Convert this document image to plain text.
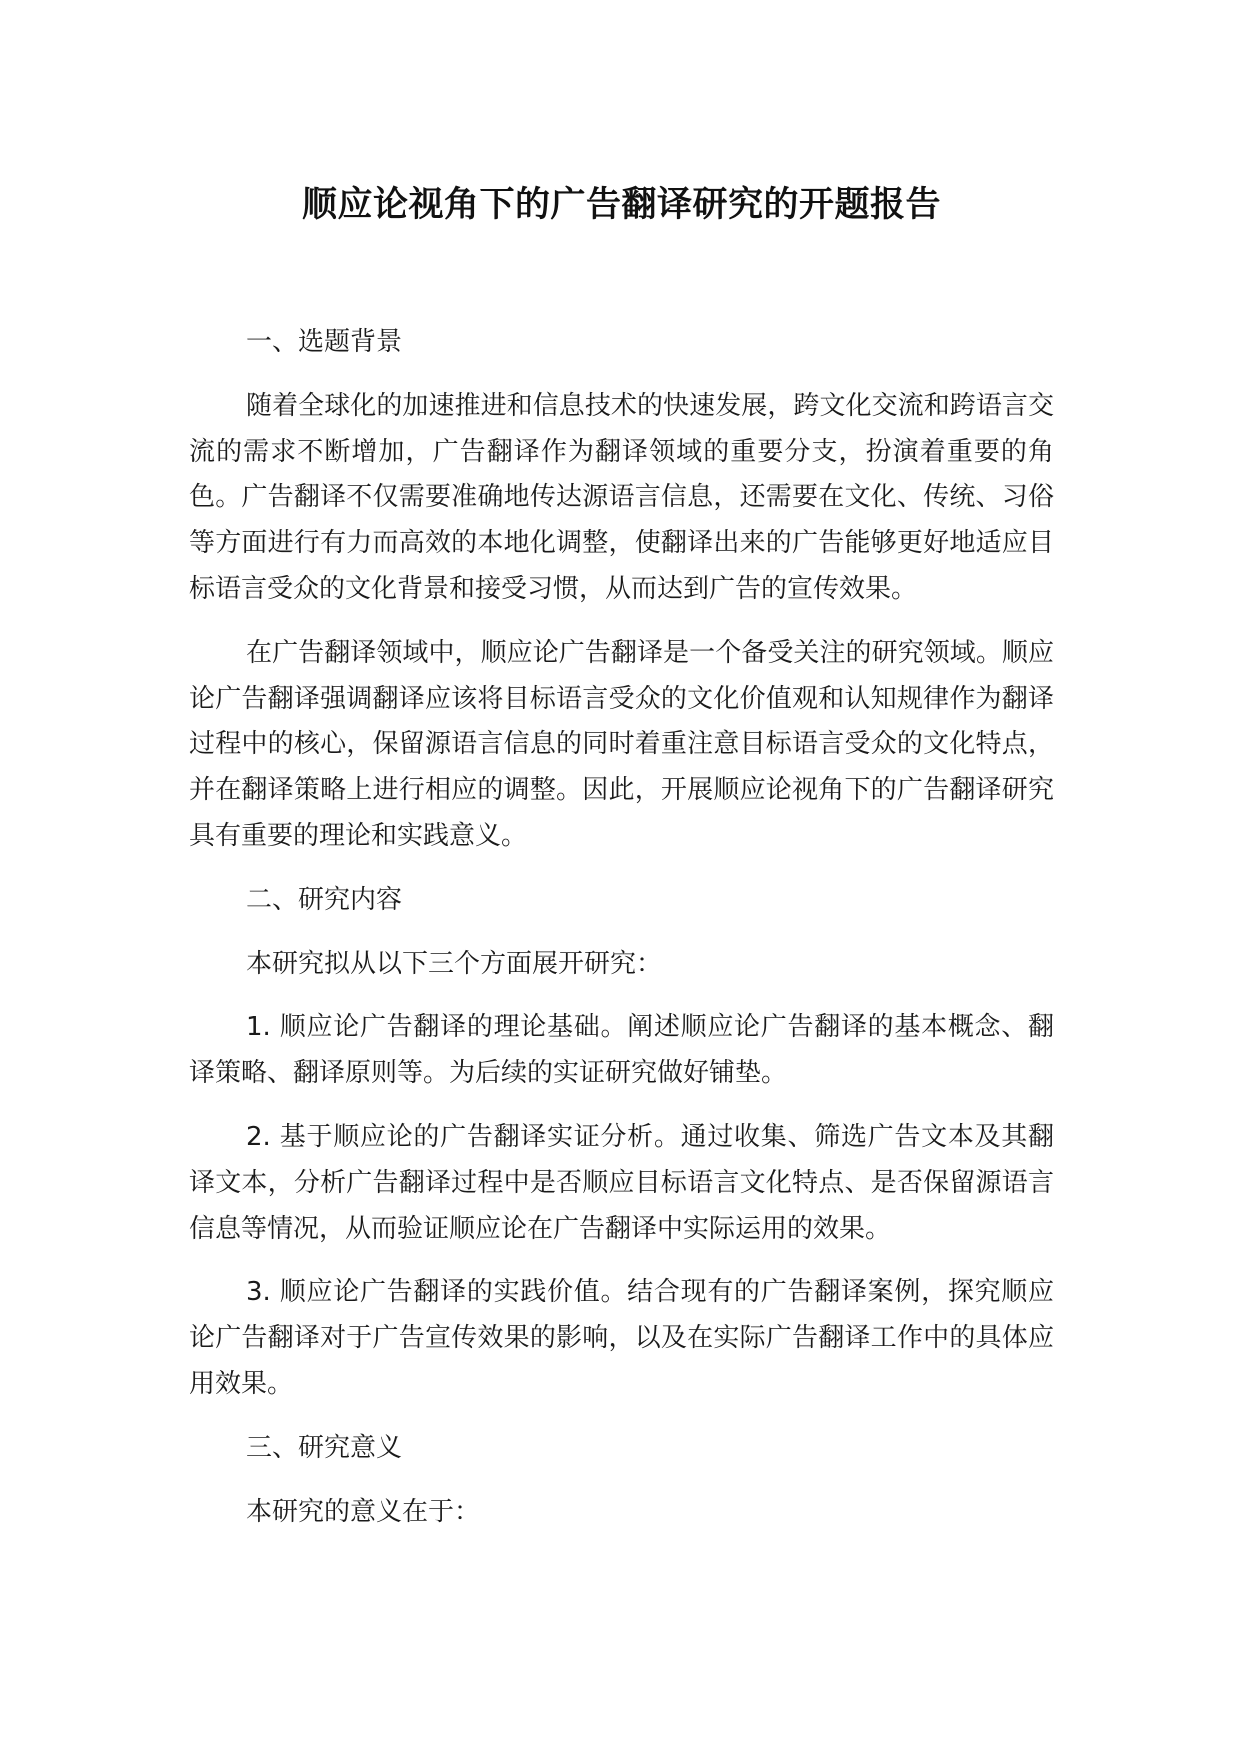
顺应论视角下的广告翻译研究的开题报告

一、选题背景

随着全球化的加速推进和信息技术的快速发展，跨文化交流和跨语言交流的需求不断增加，广告翻译作为翻译领域的重要分支，扮演着重要的角色。广告翻译不仅需要准确地传达源语言信息，还需要在文化、传统、习俗等方面进行有力而高效的本地化调整，使翻译出来的广告能够更好地适应目标语言受众的文化背景和接受习惯，从而达到广告的宣传效果。

在广告翻译领域中，顺应论广告翻译是一个备受关注的研究领域。顺应论广告翻译强调翻译应该将目标语言受众的文化价值观和认知规律作为翻译过程中的核心，保留源语言信息的同时着重注意目标语言受众的文化特点，并在翻译策略上进行相应的调整。因此，开展顺应论视角下的广告翻译研究具有重要的理论和实践意义。

二、研究内容

本研究拟从以下三个方面展开研究：

1. 顺应论广告翻译的理论基础。阐述顺应论广告翻译的基本概念、翻译策略、翻译原则等。为后续的实证研究做好铺垫。

2. 基于顺应论的广告翻译实证分析。通过收集、筛选广告文本及其翻译文本，分析广告翻译过程中是否顺应目标语言文化特点、是否保留源语言信息等情况，从而验证顺应论在广告翻译中实际运用的效果。

3. 顺应论广告翻译的实践价值。结合现有的广告翻译案例，探究顺应论广告翻译对于广告宣传效果的影响，以及在实际广告翻译工作中的具体应用效果。

三、研究意义

本研究的意义在于：
